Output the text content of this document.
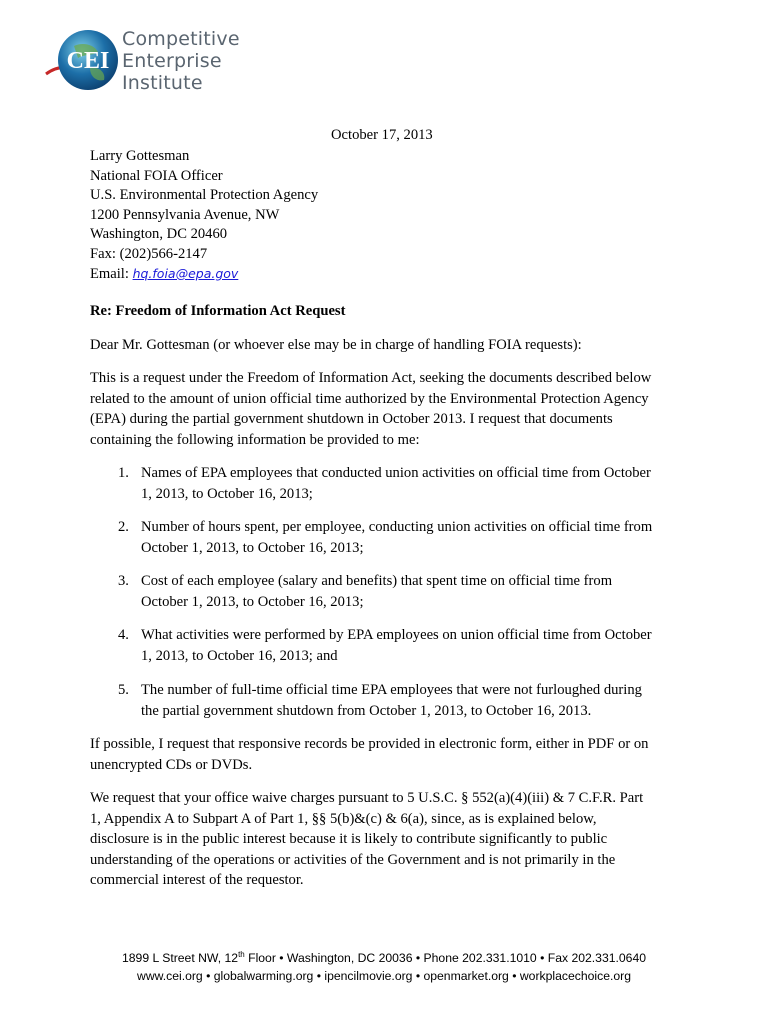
CEI
Competitive
Enterprise
Institute
October 17, 2013
Larry Gottesman
National FOIA Officer
U.S. Environmental Protection Agency
1200 Pennsylvania Avenue, NW
Washington, DC 20460
Fax: (202)566-2147
Email: hq.foia@epa.gov
Re: Freedom of Information Act Request
Dear Mr. Gottesman (or whoever else may be in charge of handling FOIA requests):
This is a request under the Freedom of Information Act, seeking the documents described below
related to the amount of union official time authorized by the Environmental Protection Agency
(EPA) during the partial government shutdown in October 2013. I request that documents
containing the following information be provided to me:
1. Names of EPA employees that conducted union activities on official time from October
1, 2013, to October 16, 2013;
2. Number of hours spent, per employee, conducting union activities on official time from
October 1, 2013, to October 16, 2013;
3. Cost of each employee (salary and benefits) that spent time on official time from
October 1, 2013, to October 16, 2013;
4. What activities were performed by EPA employees on union official time from October
1, 2013, to October 16, 2013; and
5. The number of full-time official time EPA employees that were not furloughed during
the partial government shutdown from October 1, 2013, to October 16, 2013.
If possible, I request that responsive records be provided in electronic form, either in PDF or on
unencrypted CDs or DVDs.
We request that your office waive charges pursuant to 5 U.S.C. § 552(a)(4)(iii) & 7 C.F.R. Part
1, Appendix A to Subpart A of Part 1, §§ 5(b)&(c) & 6(a), since, as is explained below,
disclosure is in the public interest because it is likely to contribute significantly to public
understanding of the operations or activities of the Government and is not primarily in the
commercial interest of the requestor.
1899 L Street NW, 12th Floor • Washington, DC 20036 • Phone 202.331.1010 • Fax 202.331.0640
www.cei.org • globalwarming.org • ipencilmovie.org • openmarket.org • workplacechoice.org
